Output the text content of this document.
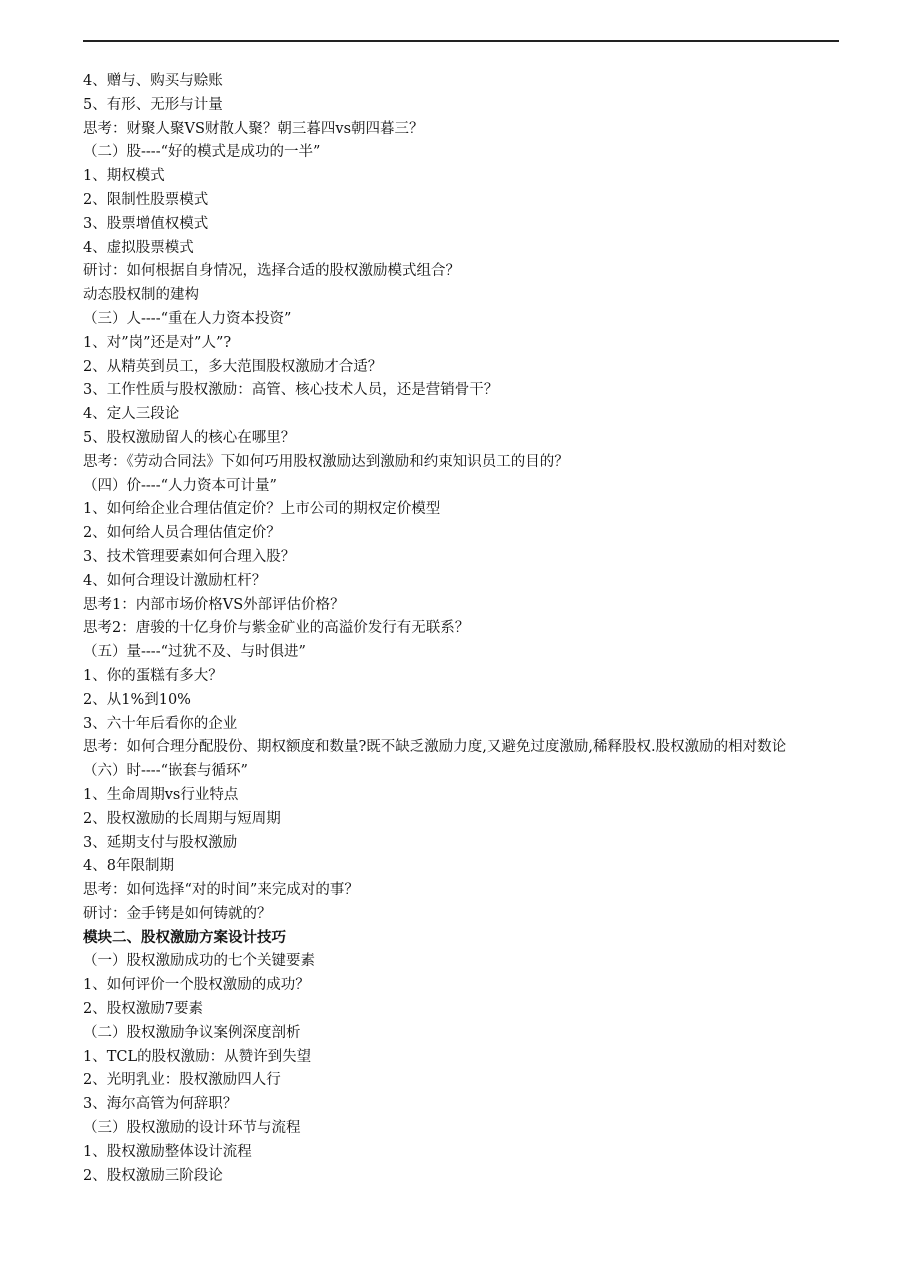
4、赠与、购买与赊账
5、有形、无形与计量
思考：财聚人聚VS财散人聚？朝三暮四vs朝四暮三？
（二）股----“好的模式是成功的一半”
1、期权模式
2、限制性股票模式
3、股票增值权模式
4、虚拟股票模式
研讨：如何根据自身情况，选择合适的股权激励模式组合？
动态股权制的建构
（三）人----“重在人力资本投资”
1、对”岗”还是对”人”?
2、从精英到员工，多大范围股权激励才合适？
3、工作性质与股权激励：高管、核心技术人员，还是营销骨干？
4、定人三段论
5、股权激励留人的核心在哪里？
思考：《劳动合同法》下如何巧用股权激励达到激励和约束知识员工的目的？
（四）价----“人力资本可计量”
1、如何给企业合理估值定价？上市公司的期权定价模型
2、如何给人员合理估值定价？
3、技术管理要素如何合理入股？
4、如何合理设计激励杠杆？
思考1：内部市场价格VS外部评估价格？
思考2：唐骏的十亿身价与紫金矿业的高溢价发行有无联系？
（五）量----“过犹不及、与时俱进”
1、你的蛋糕有多大？
2、从1%到10%
3、六十年后看你的企业
思考：如何合理分配股份、期权额度和数量?既不缺乏激励力度,又避免过度激励,稀释股权.股权激励的相对数论
（六）时----“嵌套与循环”
1、生命周期vs行业特点
2、股权激励的长周期与短周期
3、延期支付与股权激励
4、8年限制期
思考：如何选择“对的时间”来完成对的事？
研讨：金手铐是如何铸就的？
模块二、股权激励方案设计技巧
（一）股权激励成功的七个关键要素
1、如何评价一个股权激励的成功？
2、股权激励7要素
（二）股权激励争议案例深度剖析
1、TCL的股权激励：从赞许到失望
2、光明乳业：股权激励四人行
3、海尔高管为何辞职？
（三）股权激励的设计环节与流程
1、股权激励整体设计流程
2、股权激励三阶段论
